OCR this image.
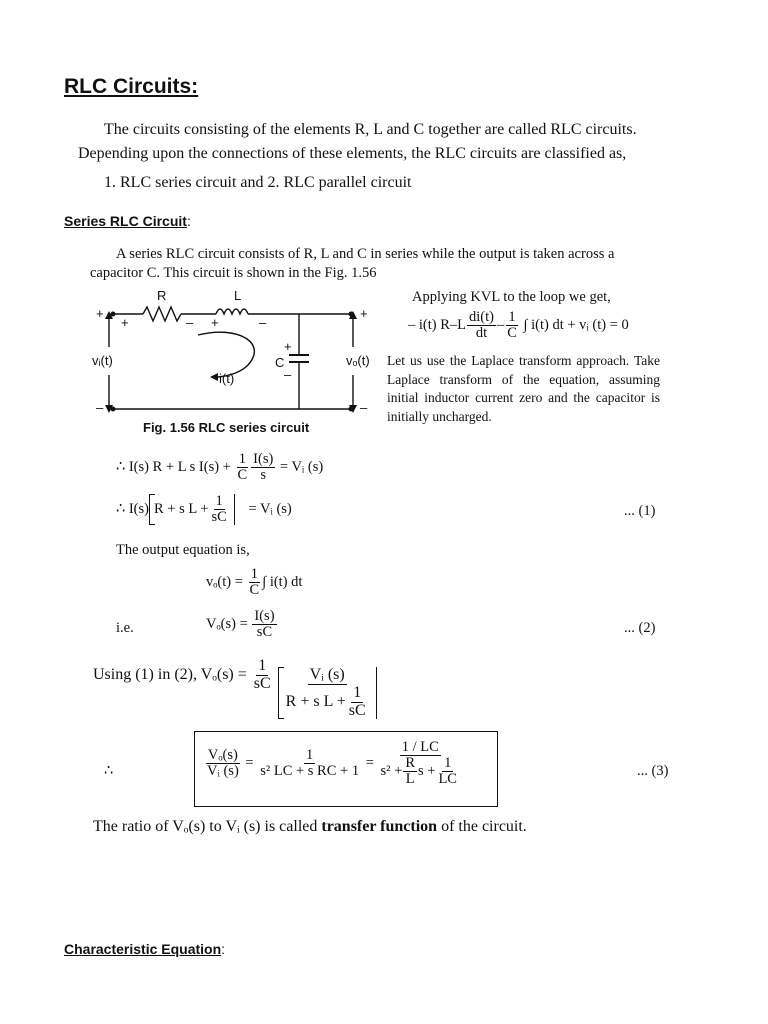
RLC Circuits:
The circuits consisting of the elements R, L and C together are called RLC circuits.
Depending upon the connections of these elements, the RLC circuits are classified as,
1. RLC series circuit and 2. RLC parallel circuit
Series RLC Circuit:
A series RLC circuit consists of R, L and C in series while the output is taken across a
capacitor C. This circuit is shown in the Fig. 1.56
R	L
+
+	– +	–
+
+
–
C
vᵢ(t)	vₒ(t)
i(t)
–	–
Fig. 1.56 RLC series circuit
Applying KVL to the loop we get,
– i(t) $R-L \frac{di(t)}{dt} - \frac{1}{C}$ ∫ i(t) dt + vᵢ (t) = 0
Let us use the Laplace transform approach. Take Laplace transform of the equation, assuming initial inductor current zero and the capacitor is initially uncharged.
∴ I(s) R + L s $I(s) + \frac{1}{C} \frac{I(s)}{s}$ = Vᵢ (s)
∴ I(s) R + s $L + \frac{1}{sC}$ = Vᵢ (s)	... (1)
The output equation is,
$v_o(t) = \frac{1}{C}$ ∫ i(t) dt
i.e.	$V_o(s) = \frac{I(s)}{sC}$	... (2)
Using (1) in (2), $V_o(s) = \frac{1}{sC} \frac{\text{Vᵢ (s)}}{R + s L + \frac{1}{sC}}$
∴	$\frac{\text{Vₒ(s)}}{\text{Vᵢ (s)}} = \frac{1}{\text{s² LC + s RC + 1}} = \frac{1 / LC}{s^2 + \frac{R}{L} s + \frac{1}{LC}}$	... (3)
The ratio of Vₒ(s) to Vᵢ (s) is called transfer function of the circuit.
Characteristic Equation:
